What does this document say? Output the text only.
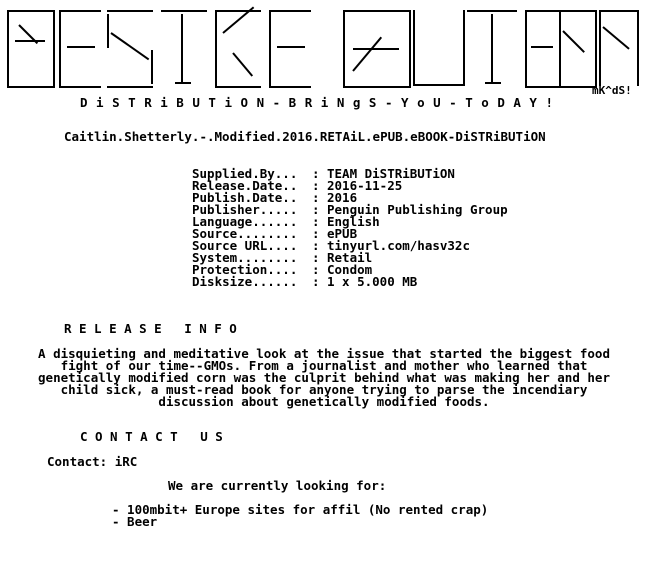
mK^dS!
D i S T R i B U T i O N - B R i N g S - Y o U - T o D A Y !
Caitlin.Shetterly.-.Modified.2016.RETAiL.ePUB.eBOOK-DiSTRiBUTiON
Supplied.By... : TEAM DiSTRiBUTiON
Release.Date.. : 2016-11-25
Publish.Date.. : 2016
Publisher..... : Penguin Publishing Group
Language...... : English
Source........ : ePUB
Source URL.... : tinyurl.com/hasv32c
System........ : Retail
Protection.... : Condom
Disksize...... : 1 x 5.000 MB
RELEASE INFO
A disquieting and meditative look at the issue that started the biggest food
fight of our time--GMOs. From a journalist and mother who learned that
genetically modified corn was the culprit behind what was making her and her
child sick, a must-read book for anyone trying to parse the incendiary
discussion about genetically modified foods.
CONTACT US
Contact: iRC
We are currently looking for:
- 100mbit+ Europe sites for affil (No rented crap)
- Beer
